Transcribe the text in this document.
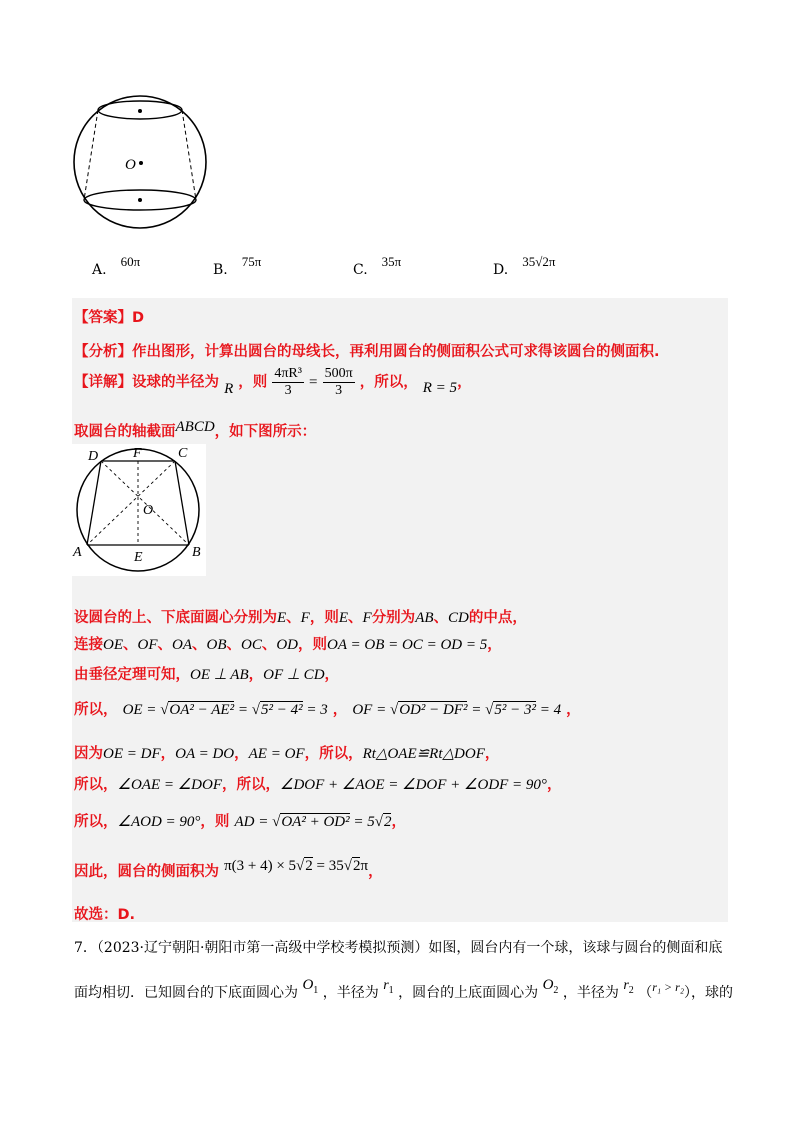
O
A.60π
B.75π
C.35π
D.35√2π
【答案】D
【分析】作出图形，计算出圆台的母线长，再利用圆台的侧面积公式可求得该圆台的侧面积.
【详解】设球的半径为 R ，则 $\frac{\text{4πR³}}{3} = \frac{500\pi}{3}$ ，所以， R = 5，
取圆台的轴截面ABCD，如下图所示：
D F	C
O
A	E	B
设圆台的上、下底面圆心分别为E、F，则E、F分别为AB、CD的中点，
连接OE、OF、OA、OB、OC、OD，则OA = OB = OC = OD = 5，
由垂径定理可知，OE ⊥ AB，OF ⊥ CD，
所以， OE = √OA² − AE² = √5² − 4² = 3 ， OF = √OD² − DF² = √5² − 3² = 4 ，
因为OE = DF，OA = DO，AE = OF，所以，Rt△OAE≌Rt△DOF，
所以，∠OAE = ∠DOF，所以，∠DOF + ∠AOE = ∠DOF + ∠ODF = 90°，
所以，∠AOD = 90°，则 AD = √OA² + OD² = 5√2，
因此，圆台的侧面积为 π(3 + 4) × 5√2 = 35√2π，
故选：D.
7．（2023·辽宁朝阳·朝阳市第一高级中学校考模拟预测）如图，圆台内有一个球，该球与圆台的侧面和底
面均相切．已知圆台的下底面圆心为 $O_1$ ，半径为 $r_1$ ，圆台的上底面圆心为 $O_2$ ，半径为 $r_2$ （r₁ > r₂），球的
